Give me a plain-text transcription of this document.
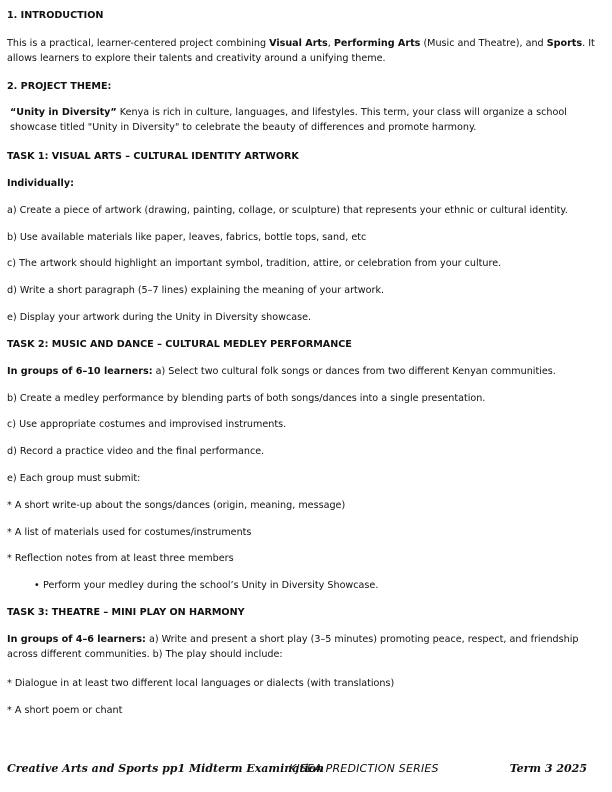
1. INTRODUCTION

This is a practical, learner-centered project combining Visual Arts, Performing Arts (Music and Theatre), and Sports. It allows learners to explore their talents and creativity around a unifying theme.

2. PROJECT THEME:

“Unity in Diversity” Kenya is rich in culture, languages, and lifestyles. This term, your class will organize a school showcase titled "Unity in Diversity" to celebrate the beauty of differences and promote harmony.

TASK 1: VISUAL ARTS – CULTURAL IDENTITY ARTWORK

Individually:

a) Create a piece of artwork (drawing, painting, collage, or sculpture) that represents your ethnic or cultural identity.

b) Use available materials like paper, leaves, fabrics, bottle tops, sand, etc

c) The artwork should highlight an important symbol, tradition, attire, or celebration from your culture.

d) Write a short paragraph (5–7 lines) explaining the meaning of your artwork.

e) Display your artwork during the Unity in Diversity showcase.

TASK 2: MUSIC AND DANCE – CULTURAL MEDLEY PERFORMANCE

In groups of 6–10 learners: a) Select two cultural folk songs or dances from two different Kenyan communities.

b) Create a medley performance by blending parts of both songs/dances into a single presentation.

c) Use appropriate costumes and improvised instruments.

d) Record a practice video and the final performance.

e) Each group must submit:

* A short write-up about the songs/dances (origin, meaning, message)

* A list of materials used for costumes/instruments

* Reflection notes from at least three members

• Perform your medley during the school’s Unity in Diversity Showcase.

TASK 3: THEATRE – MINI PLAY ON HARMONY

In groups of 4–6 learners: a) Write and present a short play (3–5 minutes) promoting peace, respect, and friendship across different communities. b) The play should include:

* Dialogue in at least two different local languages or dialects (with translations)

* A short poem or chant

Creative Arts and Sports pp1 Midterm Examination
KJSEA PREDICTION SERIES	Term 3 2025
